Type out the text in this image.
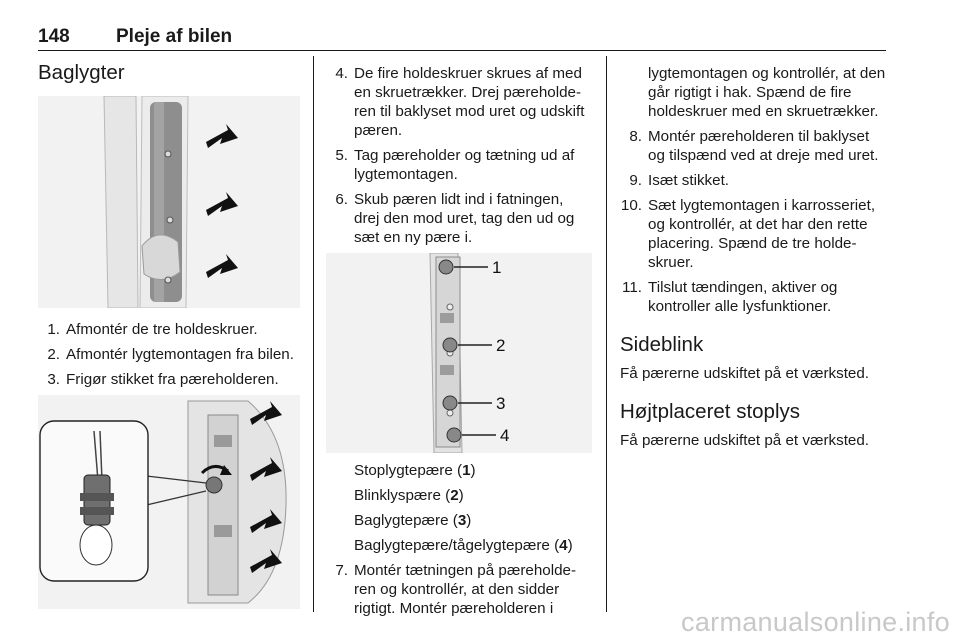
148 Pleje af bilen
Baglygter
1. Afmontér de tre holdeskruer.
2. Afmontér lygtemontagen fra bilen.
3. Frigør stikket fra pæreholderen.
4. De fire holdeskruer skrues af med en skruetrækker. Drej pæreholderen til baklyset mod uret og udskift pæren.
5. Tag pæreholder og tætning ud af lygtemontagen.
6. Skub pæren lidt ind i fatningen, drej den mod uret, tag den ud og sæt en ny pære i.
1
2
3
4

Stoplygtepære (1)

Blinklyspære (2)

Baglygtepære (3)

Baglygtepære/tågelygtepære (4)

7. Montér tætningen på pæreholderen og kontrollér, at den sidder rigtigt. Montér pæreholderen i
lygtemontagen og kontrollér, at den går rigtigt i hak. Spænd de fire holdeskruer med en skruetrækker.
8. Montér pæreholderen til baklyset og tilspænd ved at dreje med uret.
9. Isæt stikket.
10. Sæt lygtemontagen i karrosseriet, og kontrollér, at det har den rette placering. Spænd de tre holdeskruer.
11. Tilslut tændingen, aktiver og kontroller alle lysfunktioner.
Sideblink

Få pærerne udskiftet på et værksted.

Højtplaceret stoplys

Få pærerne udskiftet på et værksted.

carmanualsonline.info
